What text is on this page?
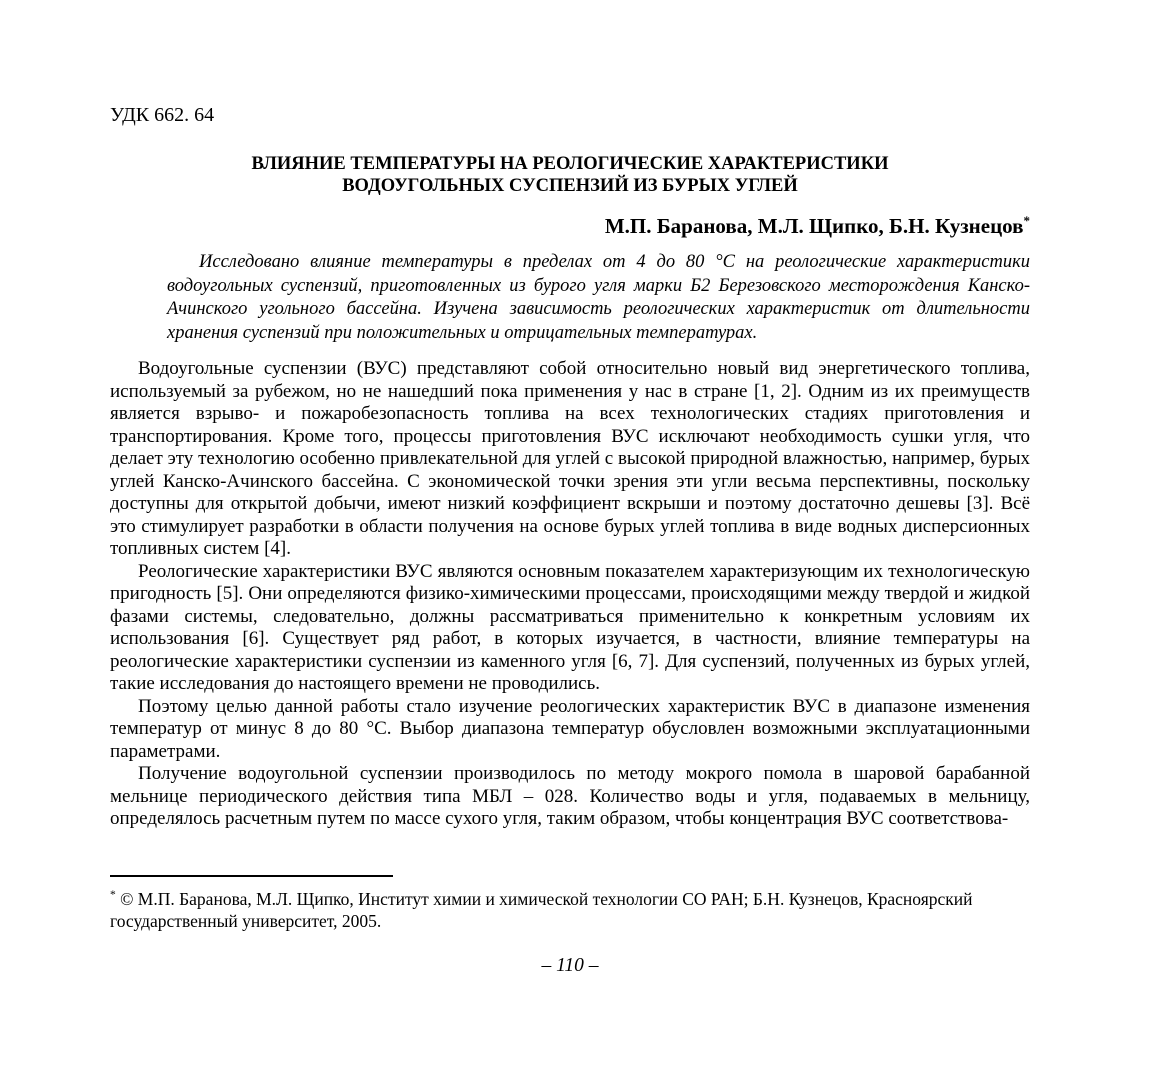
УДК 662. 64
ВЛИЯНИЕ ТЕМПЕРАТУРЫ НА РЕОЛОГИЧЕСКИЕ ХАРАКТЕРИСТИКИ
ВОДОУГОЛЬНЫХ СУСПЕНЗИЙ ИЗ БУРЫХ УГЛЕЙ
М.П. Баранова, М.Л. Щипко, Б.Н. Кузнецов*

Исследовано влияние температуры в пределах от 4 до 80 °С на реологические характеристики водоугольных суспензий, приготовленных из бурого угля марки Б2 Березовского месторождения Канско-Ачинского угольного бассейна. Изучена зависимость реологических характеристик от длительности хранения суспензий при положительных и отрицательных температурах.

Водоугольные суспензии (ВУС) представляют собой относительно новый вид энергетического топлива, используемый за рубежом, но не нашедший пока применения у нас в стране [1, 2]. Одним из их преимуществ является взрыво- и пожаробезопасность топлива на всех технологических стадиях приготовления и транспортирования. Кроме того, процессы приготовления ВУС исключают необходимость сушки угля, что делает эту технологию особенно привлекательной для углей с высокой природной влажностью, например, бурых углей Канско-Ачинского бассейна. С экономической точки зрения эти угли весьма перспективны, поскольку доступны для открытой добычи, имеют низкий коэффициент вскрыши и поэтому достаточно дешевы [3]. Всё это стимулирует разработки в области получения на основе бурых углей топлива в виде водных дисперсионных топливных систем [4].

Реологические характеристики ВУС являются основным показателем характеризующим их технологическую пригодность [5]. Они определяются физико-химическими процессами, происходящими между твердой и жидкой фазами системы, следовательно, должны рассматриваться применительно к конкретным условиям их использования [6]. Существует ряд работ, в которых изучается, в частности, влияние температуры на реологические характеристики суспензии из каменного угля [6, 7]. Для суспензий, полученных из бурых углей, такие исследования до настоящего времени не проводились.

Поэтому целью данной работы стало изучение реологических характеристик ВУС в диапазоне изменения температур от минус 8 до 80 °С. Выбор диапазона температур обусловлен возможными эксплуатационными параметрами.

Получение водоугольной суспензии производилось по методу мокрого помола в шаровой барабанной мельнице периодического действия типа МБЛ – 028. Количество воды и угля, подаваемых в мельницу, определялось расчетным путем по массе сухого угля, таким образом, чтобы концентрация ВУС соответствова-

* © М.П. Баранова, М.Л. Щипко, Институт химии и химической технологии СО РАН; Б.Н. Кузнецов, Красноярский государственный университет, 2005.

– 110 –
